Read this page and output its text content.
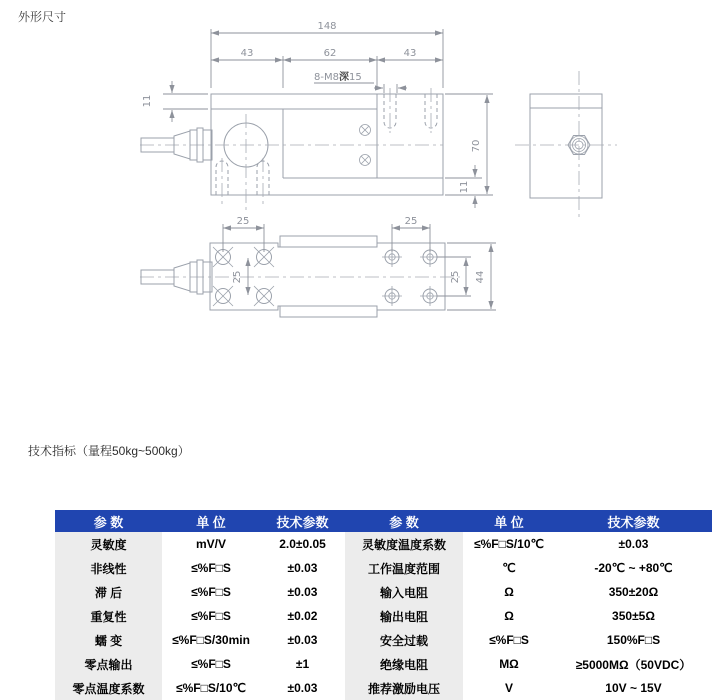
外形尺寸
148
43	62	43
8-M8深15
11
70
11
25	25
25	25 44
技术指标（量程50kg~500kg）
参 数	单 位	技术参数	参 数	单 位	技术参数
灵敏度	mV/V	2.0±0.05	灵敏度温度系数	≤%F□S/10℃	±0.03
非线性	≤%F□S	±0.03	工作温度范围	℃	-20℃ ~ +80℃
滞 后	≤%F□S	±0.03	输入电阻	Ω	350±20Ω
重复性	≤%F□S	±0.02	输出电阻	Ω	350±5Ω
蠕 变	≤%F□S/30min	±0.03	安全过载	≤%F□S	150%F□S
零点输出	≤%F□S	±1	绝缘电阻	MΩ	≥5000MΩ（50VDC）
零点温度系数	≤%F□S/10℃	±0.03	推荐激励电压	V	10V ~ 15V
